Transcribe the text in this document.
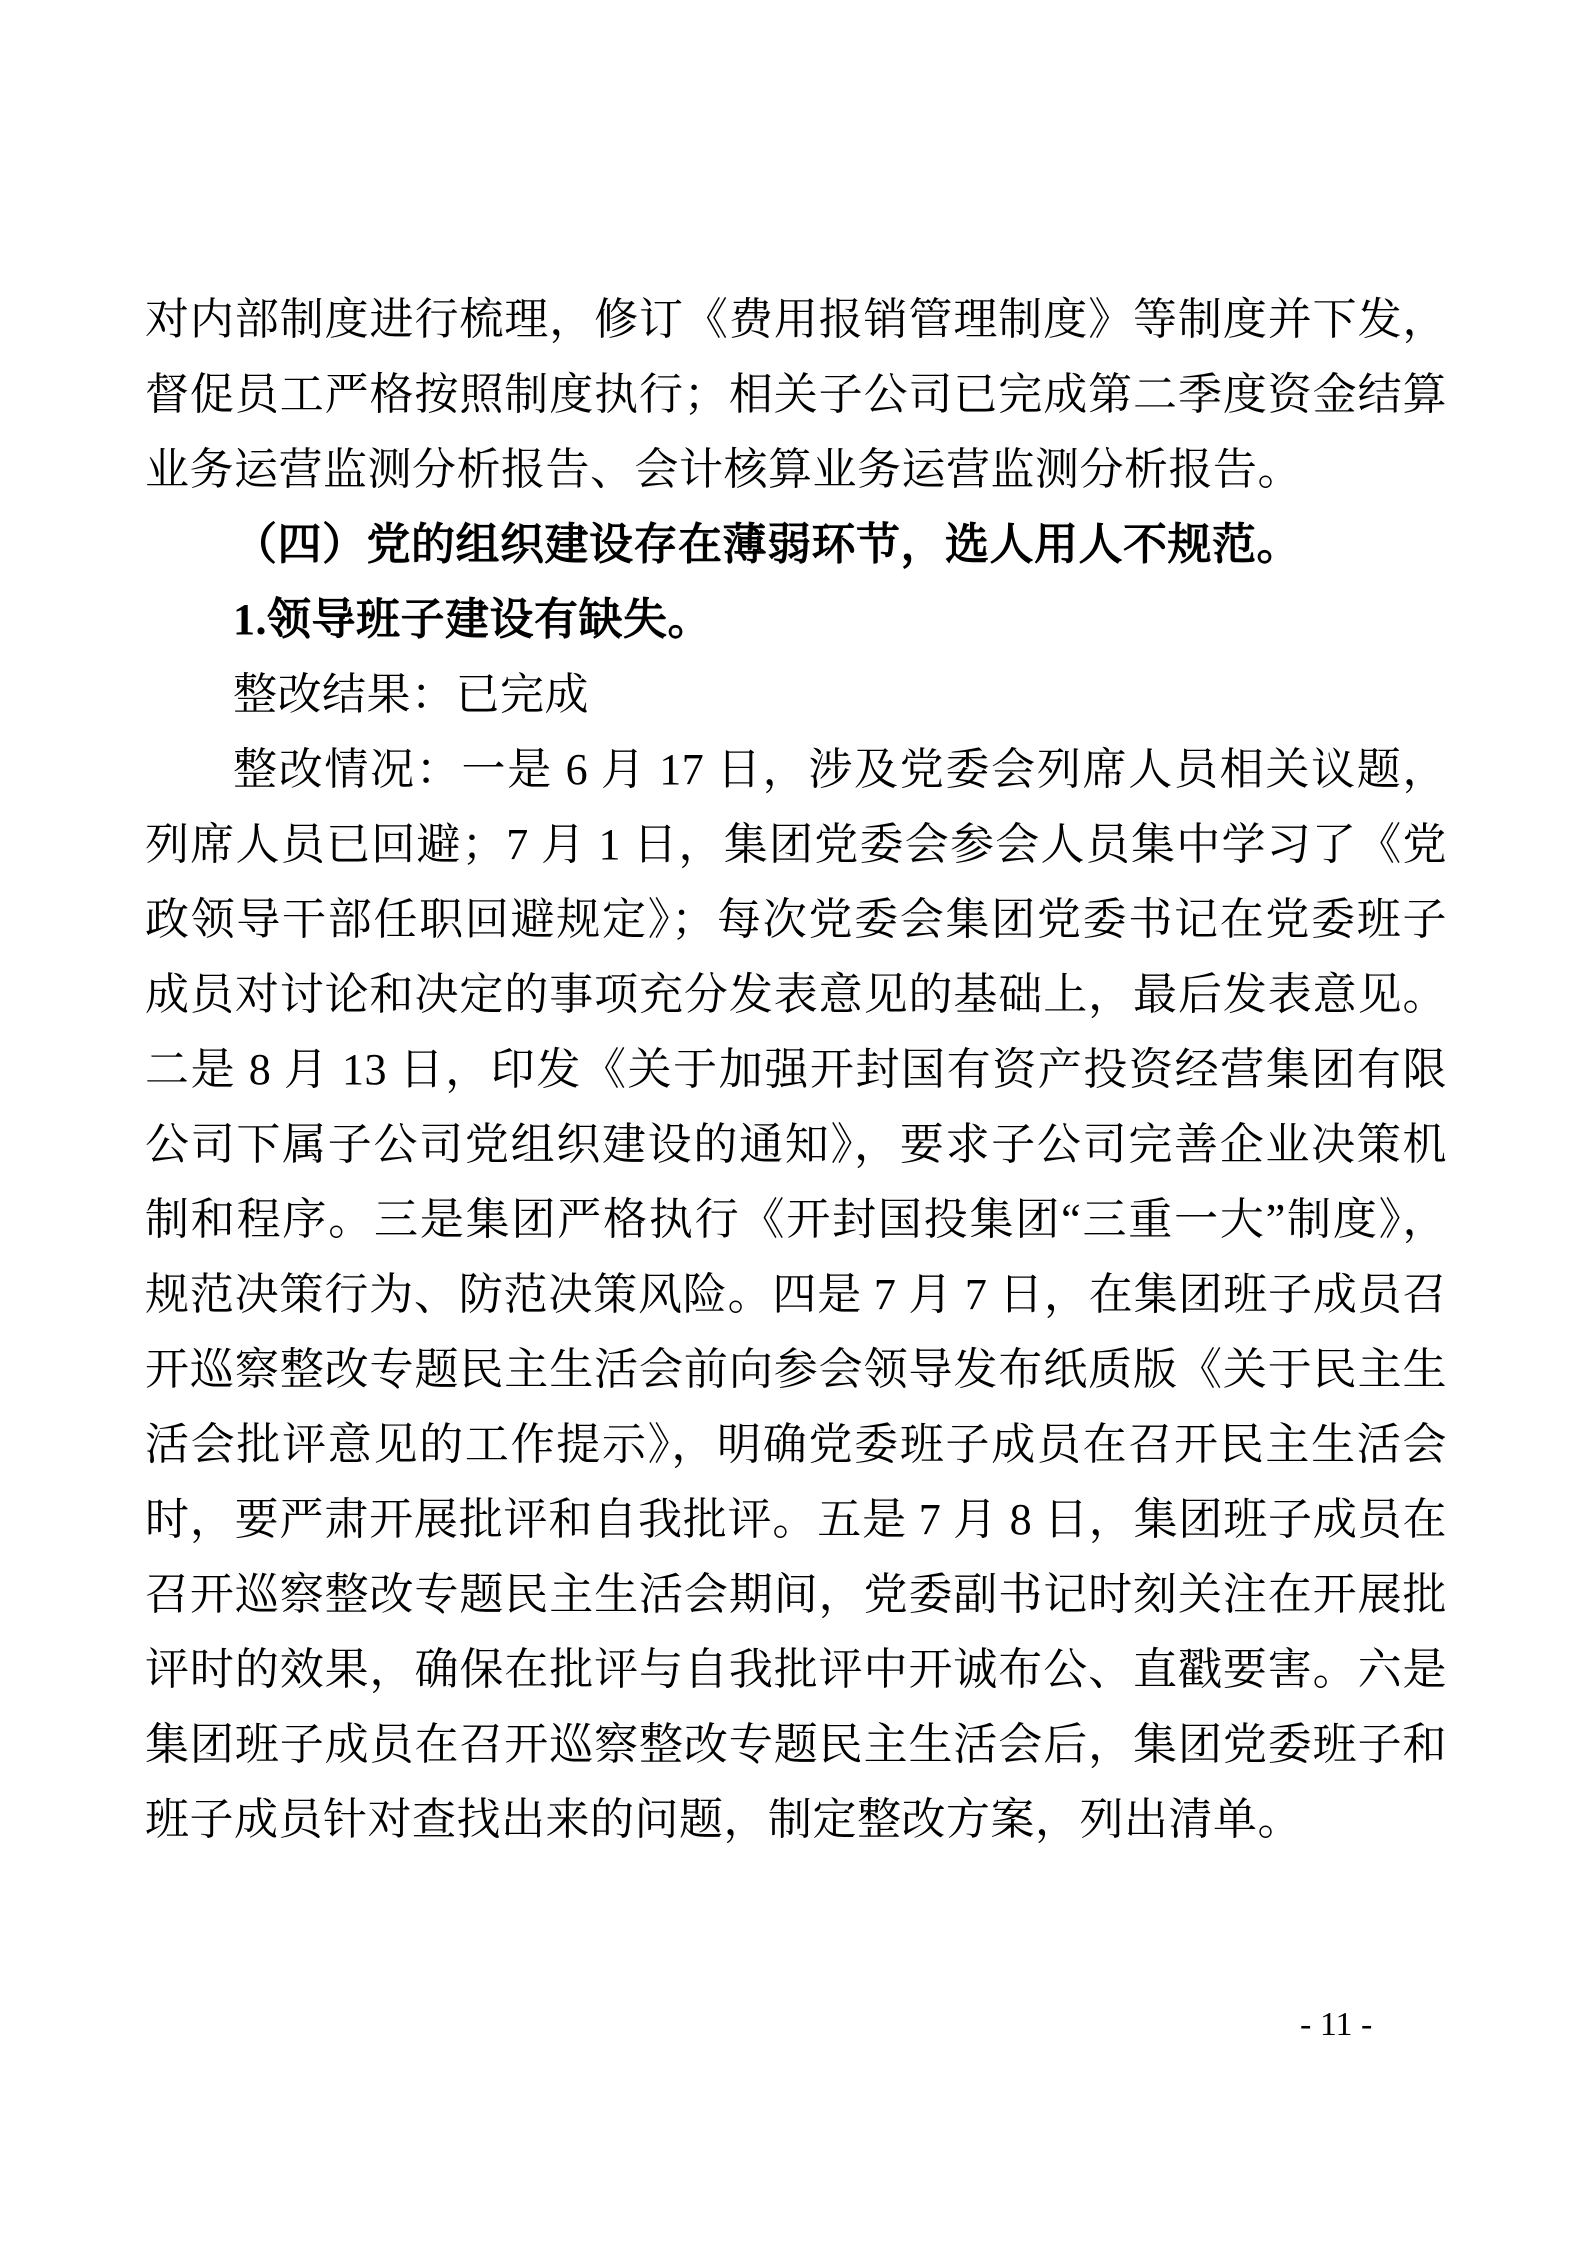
对内部制度进行梳理，修订《费用报销管理制度》等制度并下发，督促员工严格按照制度执行；相关子公司已完成第二季度资金结算业务运营监测分析报告、会计核算业务运营监测分析报告。

（四）党的组织建设存在薄弱环节，选人用人不规范。

1.领导班子建设有缺失。

整改结果：已完成

整改情况：一是 6 月 17 日，涉及党委会列席人员相关议题，列席人员已回避；7 月 1 日，集团党委会参会人员集中学习了《党政领导干部任职回避规定》；每次党委会集团党委书记在党委班子成员对讨论和决定的事项充分发表意见的基础上，最后发表意见。二是 8 月 13 日，印发《关于加强开封国有资产投资经营集团有限公司下属子公司党组织建设的通知》，要求子公司完善企业决策机制和程序。三是集团严格执行《开封国投集团“三重一大”制度》，规范决策行为、防范决策风险。四是 7 月 7 日，在集团班子成员召开巡察整改专题民主生活会前向参会领导发布纸质版《关于民主生活会批评意见的工作提示》，明确党委班子成员在召开民主生活会时，要严肃开展批评和自我批评。五是 7 月 8 日，集团班子成员在召开巡察整改专题民主生活会期间，党委副书记时刻关注在开展批评时的效果，确保在批评与自我批评中开诚布公、直戳要害。六是集团班子成员在召开巡察整改专题民主生活会后，集团党委班子和班子成员针对查找出来的问题，制定整改方案，列出清单。

- 11 -
